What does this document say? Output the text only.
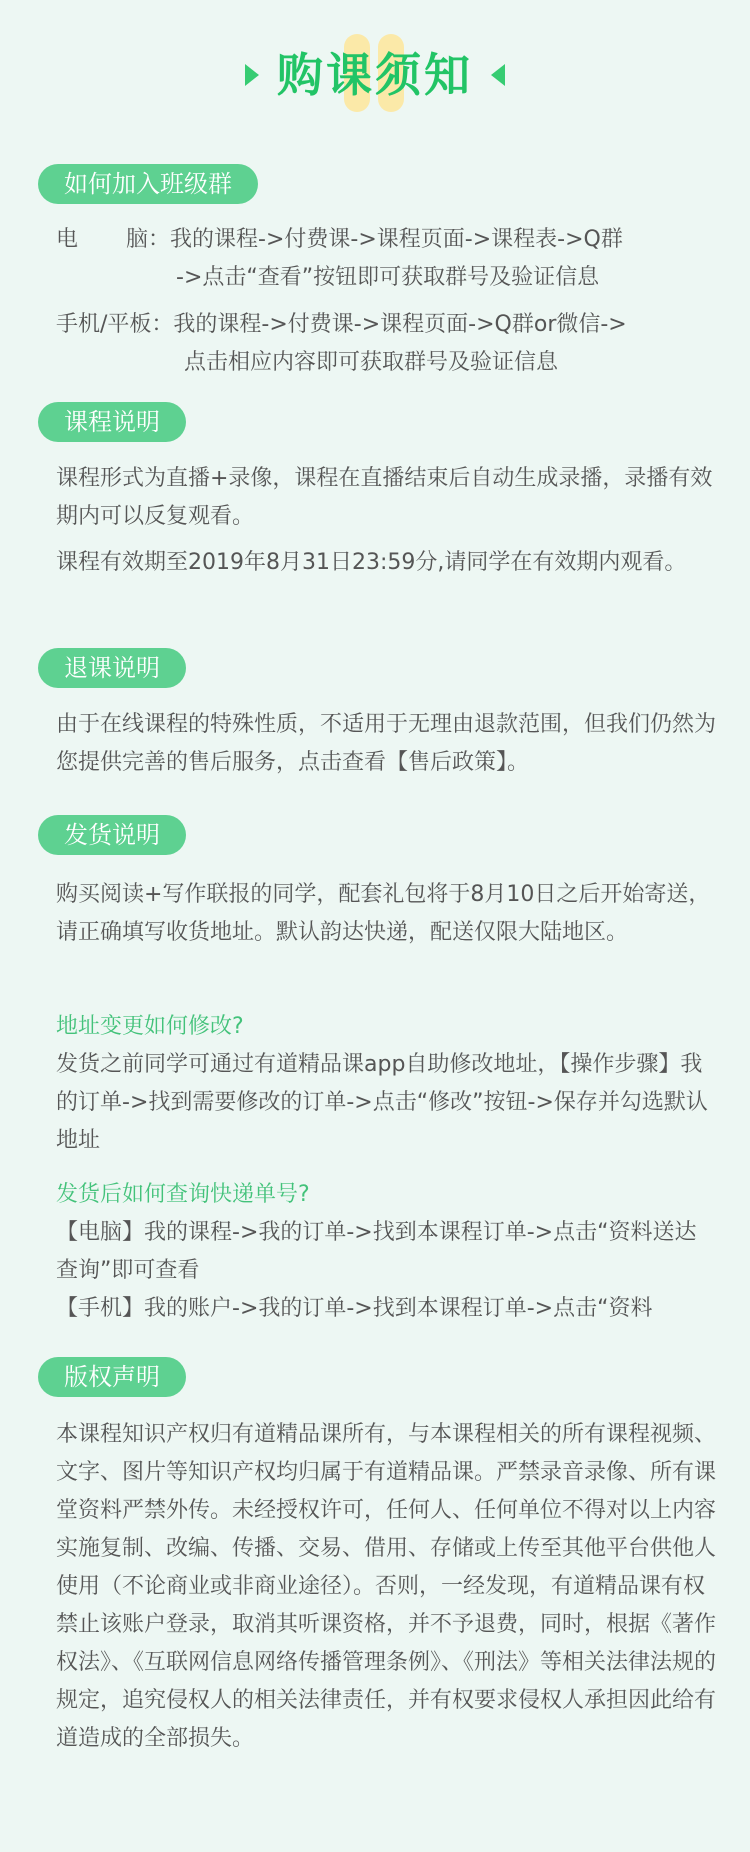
购课须知
如何加入班级群
电 脑：我的课程->付费课->课程页面->课程表->Q群
->点击“查看”按钮即可获取群号及验证信息
手机/平板：我的课程->付费课->课程页面->Q群or微信->
点击相应内容即可获取群号及验证信息
课程说明
课程形式为直播+录像，课程在直播结束后自动生成录播，录播有效期内可以反复观看。
课程有效期至2019年8月31日23:59分,请同学在有效期内观看。
退课说明
由于在线课程的特殊性质，不适用于无理由退款范围，但我们仍然为您提供完善的售后服务，点击查看【售后政策】。
发货说明
购买阅读+写作联报的同学，配套礼包将于8月10日之后开始寄送，请正确填写收货地址。默认韵达快递，配送仅限大陆地区。
地址变更如何修改?
发货之前同学可通过有道精品课app自助修改地址，【操作步骤】我的订单->找到需要修改的订单->点击“修改”按钮->保存并勾选默认地址
发货后如何查询快递单号?
【电脑】我的课程->我的订单->找到本课程订单->点击“资料送达查询”即可查看
【手机】我的账户->我的订单->找到本课程订单->点击“资料
版权声明
本课程知识产权归有道精品课所有，与本课程相关的所有课程视频、文字、图片等知识产权均归属于有道精品课。严禁录音录像、所有课堂资料严禁外传。未经授权许可，任何人、任何单位不得对以上内容实施复制、改编、传播、交易、借用、存储或上传至其他平台供他人使用（不论商业或非商业途径）。否则，一经发现，有道精品课有权禁止该账户登录，取消其听课资格，并不予退费，同时，根据《著作权法》、《互联网信息网络传播管理条例》、《刑法》等相关法律法规的规定，追究侵权人的相关法律责任，并有权要求侵权人承担因此给有道造成的全部损失。
